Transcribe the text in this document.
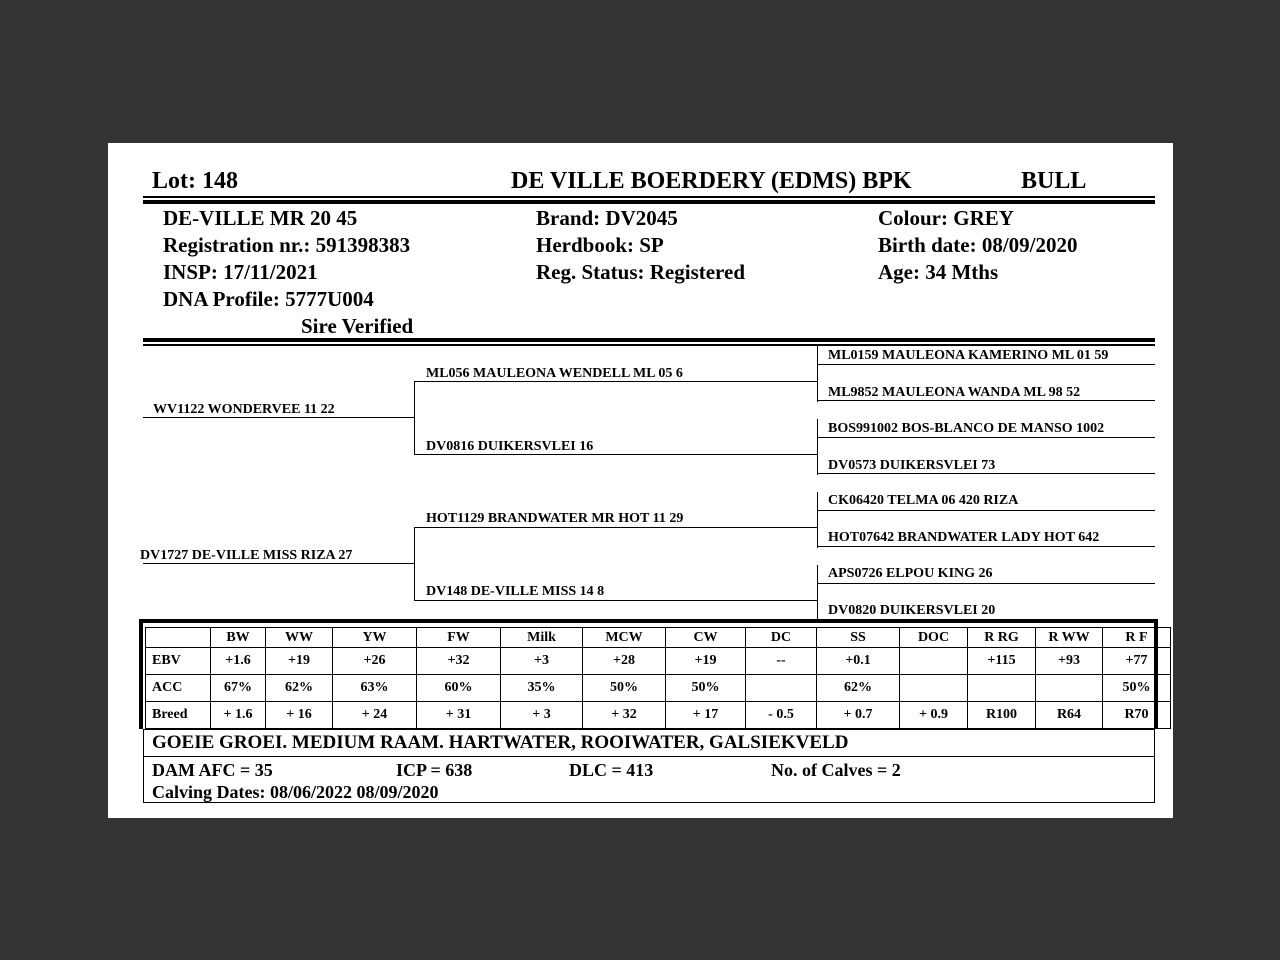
Lot: 148	DE VILLE BOERDERY (EDMS) BPK	BULL
DE-VILLE MR 20 45
Registration nr.: 591398383
INSP: 17/11/2021
DNA Profile: 5777U004
Sire Verified
Brand: DV2045
Herdbook: SP
Reg. Status: Registered
Colour: GREY
Birth date: 08/09/2020
Age: 34 Mths
WV1122 WONDERVEE 11 22
DV1727 DE-VILLE MISS RIZA 27
ML056 MAULEONA WENDELL ML 05 6
DV0816 DUIKERSVLEI 16
HOT1129 BRANDWATER MR HOT 11 29
DV148 DE-VILLE MISS 14 8
ML0159 MAULEONA KAMERINO ML 01 59
ML9852 MAULEONA WANDA ML 98 52
BOS991002 BOS-BLANCO DE MANSO 1002
DV0573 DUIKERSVLEI 73
CK06420 TELMA 06 420 RIZA
HOT07642 BRANDWATER LADY HOT 642
APS0726 ELPOU KING 26
DV0820 DUIKERSVLEI 20
	BW	WW	YW	FW	Milk	MCW	CW	DC	SS	DOC	R RG	R WW	R F
EBV	+1.6	+19	+26	+32	+3	+28	+19	--	+0.1		+115	+93	+77
ACC	67%	62%	63%	60%	35%	50%	50%		62%				50%
Breed	+ 1.6	+ 16	+ 24	+ 31	+ 3	+ 32	+ 17	- 0.5	+ 0.7	+ 0.9	R100	R64	R70
GOEIE GROEI. MEDIUM RAAM. HARTWATER, ROOIWATER, GALSIEKVELD
DAM AFC = 35	ICP = 638	DLC = 413	No. of Calves = 2
Calving Dates: 08/06/2022 08/09/2020
